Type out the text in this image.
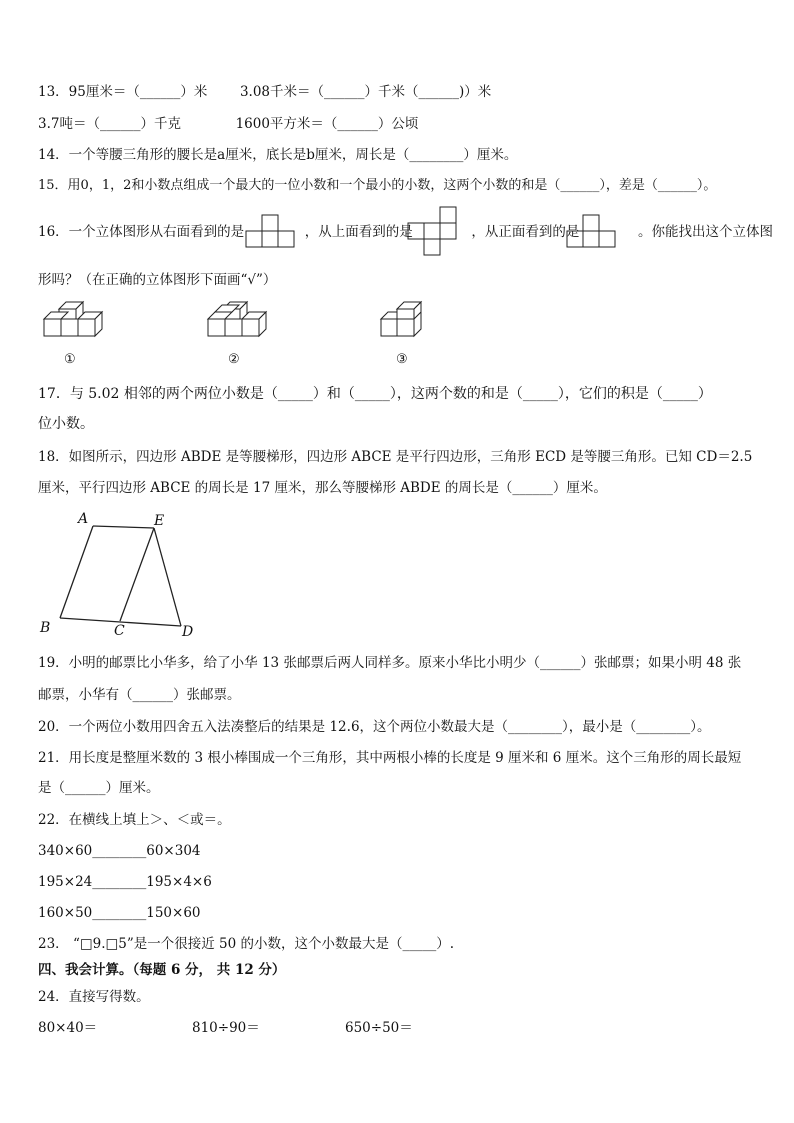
13．95厘米＝（______）米 3.08千米＝（______）千米（______)）米
3.7吨＝（______）千克	1600平方米＝（______）公顷
14．一个等腰三角形的腰长是a厘米，底长是b厘米，周长是（________）厘米。
15．用0，1，2和小数点组成一个最大的一位小数和一个最小的小数，这两个小数的和是（______），差是（______）。
16．一个立体图形从右面看到的是	，从上面看到的是	，从正面看到的是	。你能找出这个立体图
形吗？（在正确的立体图形下面画“√”）
①	②	③
17．与 5.02 相邻的两个两位小数是（_____）和（_____），这两个数的和是（_____），它们的积是（_____）
位小数。
18．如图所示，四边形 ABDE 是等腰梯形，四边形 ABCE 是平行四边形，三角形 ECD 是等腰三角形。已知 CD＝2.5
厘米，平行四边形 ABCE 的周长是 17 厘米，那么等腰梯形 ABDE 的周长是（______）厘米。
A	E
B	C	D
19．小明的邮票比小华多，给了小华 13 张邮票后两人同样多。原来小华比小明少（______）张邮票；如果小明 48 张
邮票，小华有（______）张邮票。
20．一个两位小数用四舍五入法凑整后的结果是 12.6，这个两位小数最大是（________），最小是（________）。
21．用长度是整厘米数的 3 根小棒围成一个三角形，其中两根小棒的长度是 9 厘米和 6 厘米。这个三角形的周长最短
是（______）厘米。
22．在横线上填上＞、＜或＝。
340×60________60×304
195×24________195×4×6
160×50________150×60
23． “□9.□5”是一个很接近 50 的小数，这个小数最大是（_____）.
四、我会计算。（每题 6 分， 共 12 分）
24．直接写得数。
80×40＝	810÷90＝	650÷50＝
